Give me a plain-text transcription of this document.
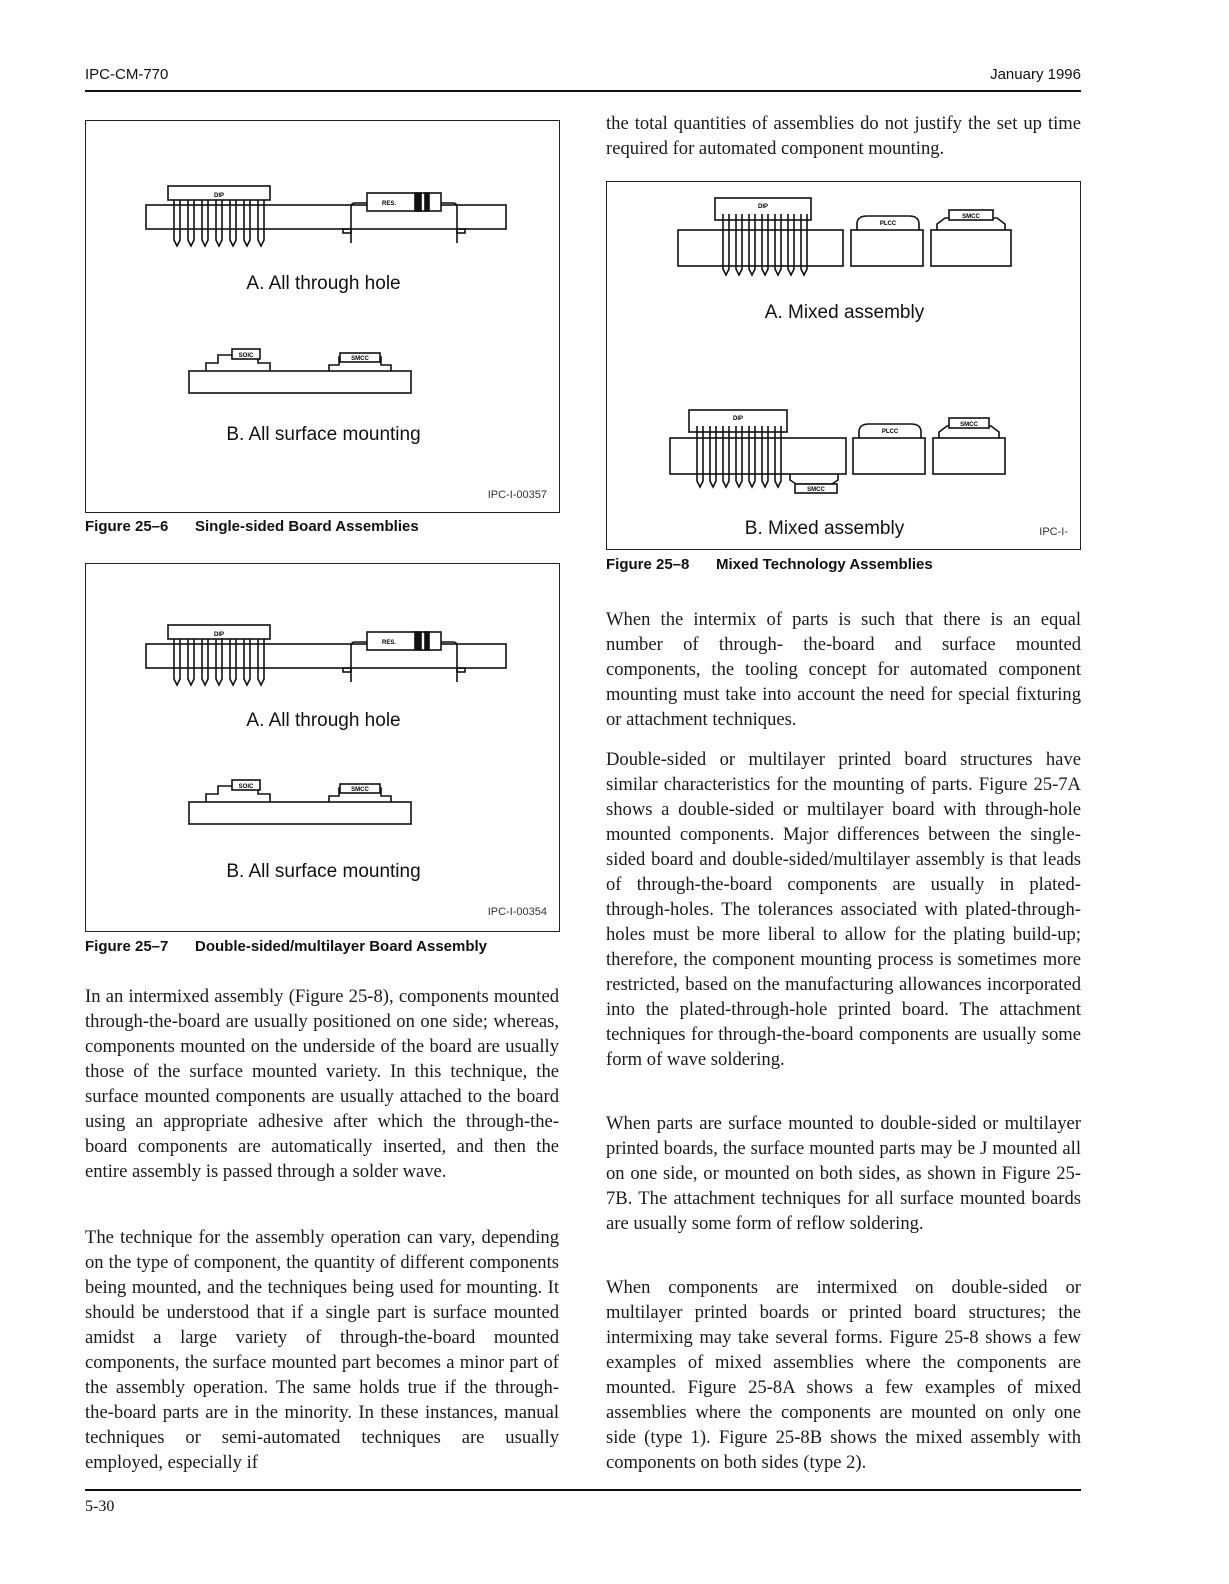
IPC-CM-770	January 1996
DIP
RES.
A. All through hole
SOIC	SMCC
B. All surface mounting
IPC-I-00357
Figure 25–6 Single-sided Board Assemblies
DIP
RES.
A. All through hole
SOIC	SMCC
B. All surface mounting
IPC-I-00354
Figure 25–7 Double-sided/multilayer Board Assembly

In an intermixed assembly (Figure 25-8), components mounted through-the-board are usually positioned on one side; whereas, components mounted on the underside of the board are usually those of the surface mounted variety. In this technique, the surface mounted components are usually attached to the board using an appropriate adhesive after which the through-the-board components are automatically inserted, and then the entire assembly is passed through a solder wave.

The technique for the assembly operation can vary, depending on the type of component, the quantity of different components being mounted, and the techniques being used for mounting. It should be understood that if a single part is surface mounted amidst a large variety of through-the-board mounted components, the surface mounted part becomes a minor part of the assembly operation. The same holds true if the through- the-board parts are in the minority. In these instances, manual techniques or semi-automated techniques are usually employed, especially if

the total quantities of assemblies do not justify the set up time required for automated component mounting.

DIP
PLCC
SMCC
A. Mixed assembly
DIP
PLCC
SMCC
SMCC
B. Mixed assembly	IPC-I-
Figure 25–8 Mixed Technology Assemblies

When the intermix of parts is such that there is an equal number of through- the-board and surface mounted components, the tooling concept for automated component mounting must take into account the need for special fixturing or attachment techniques.

Double-sided or multilayer printed board structures have similar characteristics for the mounting of parts. Figure 25-7A shows a double-sided or multilayer board with through-hole mounted components. Major differences between the single-sided board and double-sided/multilayer assembly is that leads of through-the-board components are usually in plated-through-holes. The tolerances associated with plated-through- holes must be more liberal to allow for the plating build-up; therefore, the component mounting process is sometimes more restricted, based on the manufacturing allowances incorporated into the plated-through-hole printed board. The attachment techniques for through-the-board components are usually some form of wave soldering.

When parts are surface mounted to double-sided or multilayer printed boards, the surface mounted parts may be J mounted all on one side, or mounted on both sides, as shown in Figure 25-7B. The attachment techniques for all surface mounted boards are usually some form of reflow soldering.

When components are intermixed on double-sided or multilayer printed boards or printed board structures; the intermixing may take several forms. Figure 25-8 shows a few examples of mixed assemblies where the components are mounted. Figure 25-8A shows a few examples of mixed assemblies where the components are mounted on only one side (type 1). Figure 25-8B shows the mixed assembly with components on both sides (type 2).

5-30
